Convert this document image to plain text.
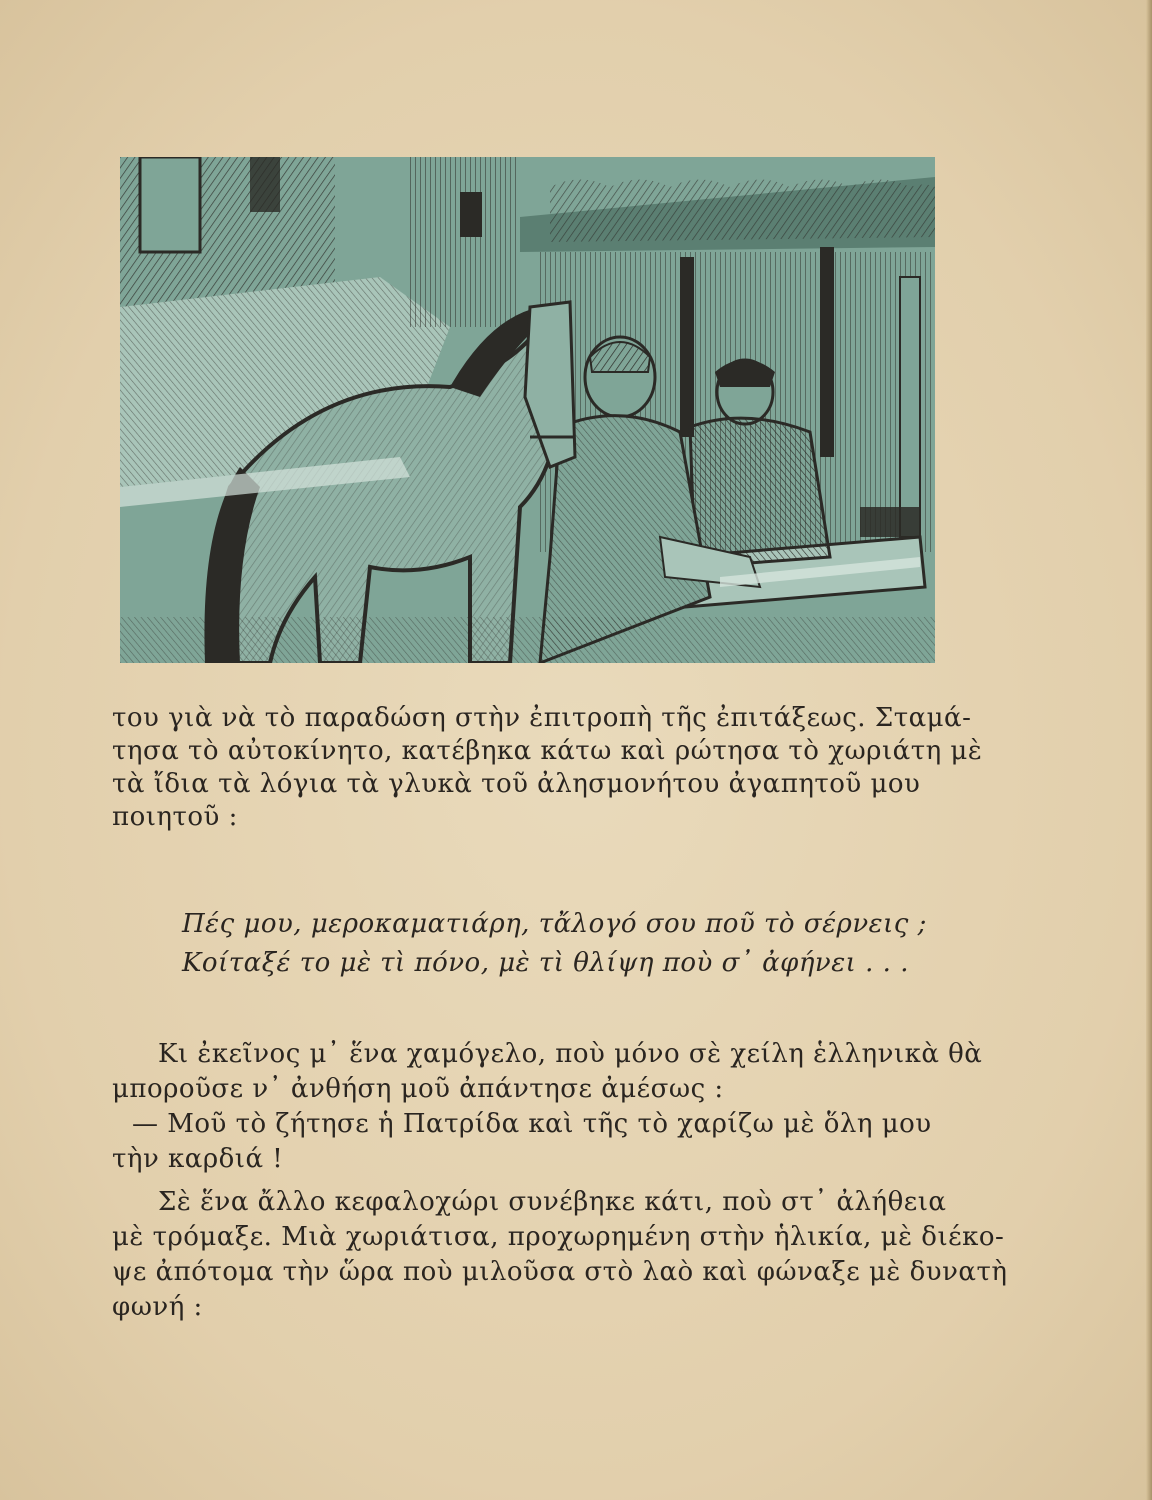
του γιὰ νὰ τὸ παραδώση στὴν ἐπιτροπὴ τῆς ἐπιτάξεως. Σταμά-
τησα τὸ αὐτοκίνητο, κατέβηκα κάτω καὶ ρώτησα τὸ χωριάτη μὲ
τὰ ἴδια τὰ λόγια τὰ γλυκὰ τοῦ ἀλησμονήτου ἀγαπητοῦ μου
ποιητοῦ :
Πές μου, μεροκαματιάρη, τἄλογό σου ποῦ τὸ σέρνεις ;
Κοίταξέ το μὲ τὶ πόνο, μὲ τὶ θλίψη ποὺ σ᾿ ἀφήνει . . .
Κι ἐκεῖνος μ᾿ ἕνα χαμόγελο, ποὺ μόνο σὲ χείλη ἑλληνικὰ θὰ
μποροῦσε ν᾿ ἀνθήση μοῦ ἀπάντησε ἀμέσως :
— Μοῦ τὸ ζήτησε ἡ Πατρίδα καὶ τῆς τὸ χαρίζω μὲ ὅλη μου
τὴν καρδιά !
Σὲ ἕνα ἄλλο κεφαλοχώρι συνέβηκε κάτι, ποὺ στ᾿ ἀλήθεια
μὲ τρόμαξε. Μιὰ χωριάτισα, προχωρημένη στὴν ἡλικία, μὲ διέκο-
ψε ἀπότομα τὴν ὥρα ποὺ μιλοῦσα στὸ λαὸ καὶ φώναξε μὲ δυνατὴ
φωνή :
